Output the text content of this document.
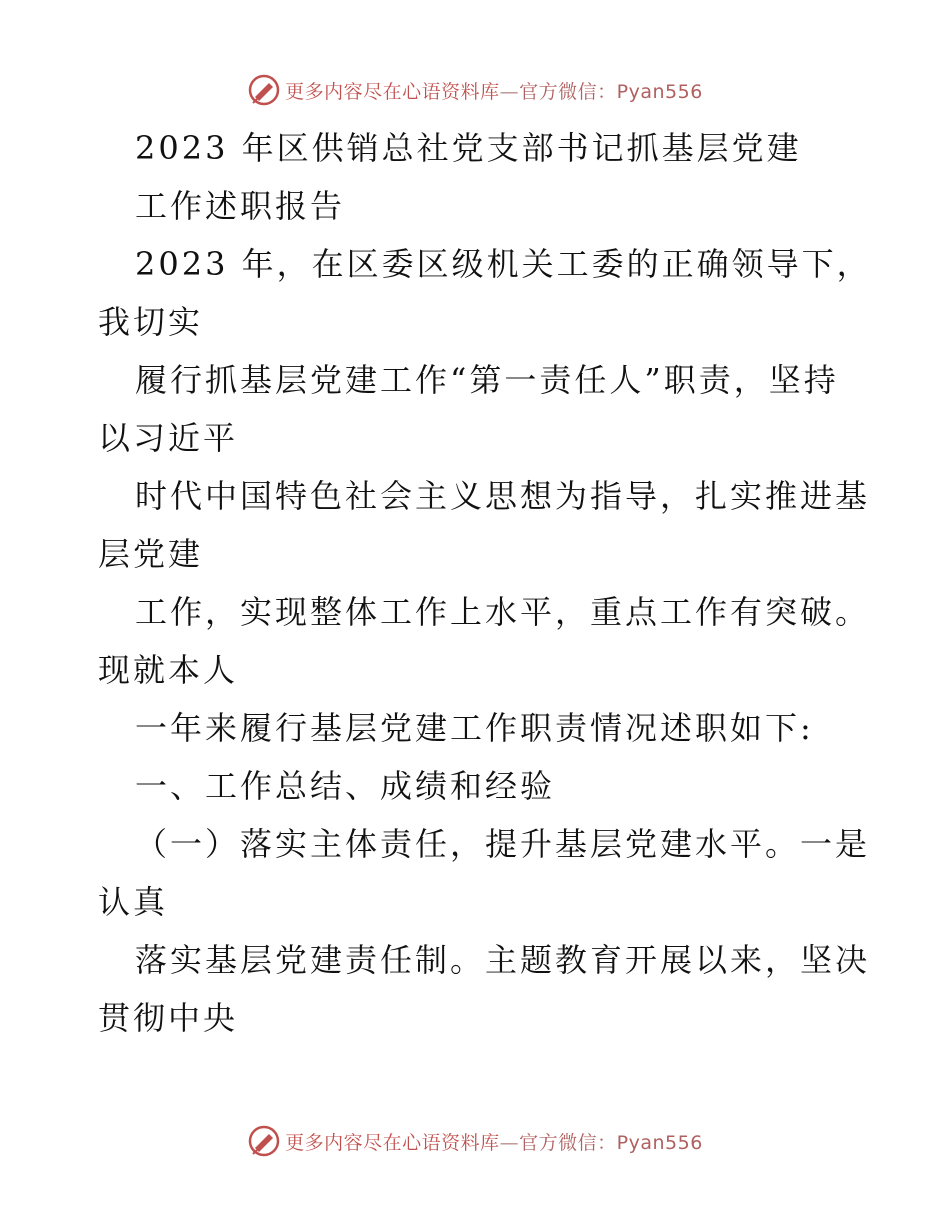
更多内容尽在心语资料库—官方微信：Pyan556
2023 年区供销总社党支部书记抓基层党建
工作述职报告
2023 年，在区委区级机关工委的正确领导下，
我切实
履行抓基层党建工作“第一责任人”职责，坚持
以习近平
时代中国特色社会主义思想为指导，扎实推进基
层党建
工作，实现整体工作上水平，重点工作有突破。
现就本人
一年来履行基层党建工作职责情况述职如下:
一、工作总结、成绩和经验
（一）落实主体责任，提升基层党建水平。一是
认真
落实基层党建责任制。主题教育开展以来，坚决
贯彻中央
更多内容尽在心语资料库—官方微信：Pyan556
